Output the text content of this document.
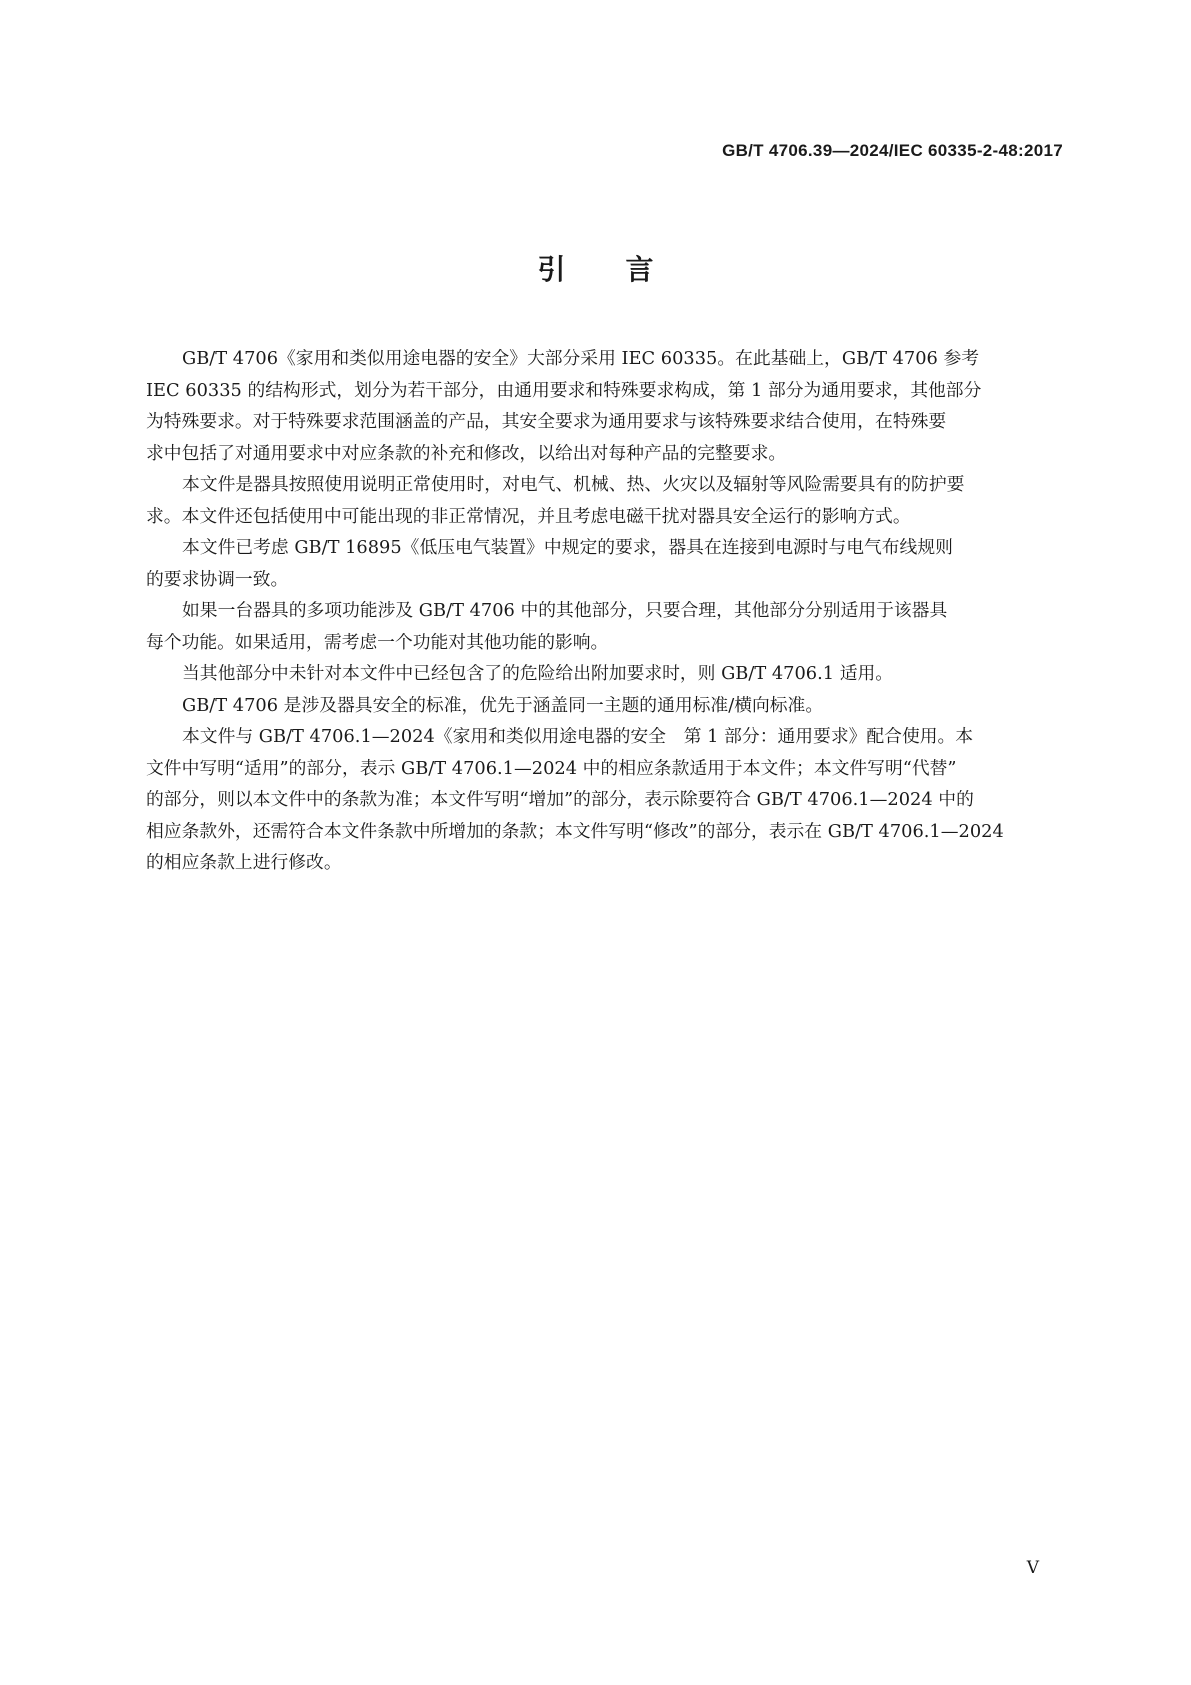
GB/T 4706.39—2024/IEC 60335-2-48:2017
引言

GB/T 4706《家用和类似用途电器的安全》大部分采用 IEC 60335。在此基础上，GB/T 4706 参考
IEC 60335 的结构形式，划分为若干部分，由通用要求和特殊要求构成，第 1 部分为通用要求，其他部分
为特殊要求。对于特殊要求范围涵盖的产品，其安全要求为通用要求与该特殊要求结合使用，在特殊要
求中包括了对通用要求中对应条款的补充和修改，以给出对每种产品的完整要求。

本文件是器具按照使用说明正常使用时，对电气、机械、热、火灾以及辐射等风险需要具有的防护要
求。本文件还包括使用中可能出现的非正常情况，并且考虑电磁干扰对器具安全运行的影响方式。

本文件已考虑 GB/T 16895《低压电气装置》中规定的要求，器具在连接到电源时与电气布线规则
的要求协调一致。

如果一台器具的多项功能涉及 GB/T 4706 中的其他部分，只要合理，其他部分分别适用于该器具
每个功能。如果适用，需考虑一个功能对其他功能的影响。

当其他部分中未针对本文件中已经包含了的危险给出附加要求时，则 GB/T 4706.1 适用。

GB/T 4706 是涉及器具安全的标准，优先于涵盖同一主题的通用标准/横向标准。

本文件与 GB/T 4706.1—2024《家用和类似用途电器的安全　第 1 部分：通用要求》配合使用。本
文件中写明“适用”的部分，表示 GB/T 4706.1—2024 中的相应条款适用于本文件；本文件写明“代替”
的部分，则以本文件中的条款为准；本文件写明“增加”的部分，表示除要符合 GB/T 4706.1—2024 中的
相应条款外，还需符合本文件条款中所增加的条款；本文件写明“修改”的部分，表示在 GB/T 4706.1—2024
的相应条款上进行修改。

V
